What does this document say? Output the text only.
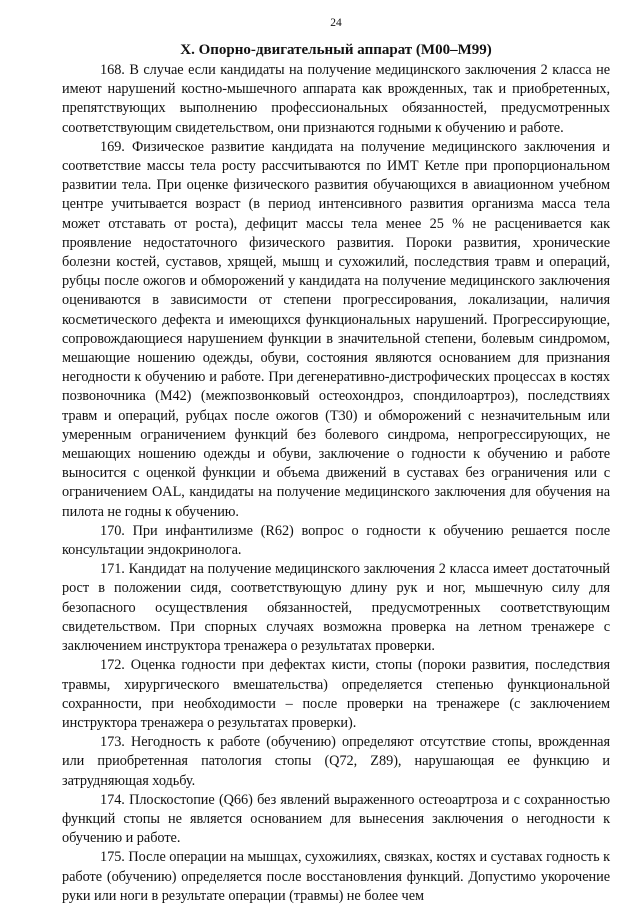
24
X. Опорно-двигательный аппарат (M00–M99)

168. В случае если кандидаты на получение медицинского заключения 2 класса не имеют нарушений костно-мышечного аппарата как врожденных, так и приобретенных, препятствующих выполнению профессиональных обязанностей, предусмотренных соответствующим свидетельством, они признаются годными к обучению и работе.

169. Физическое развитие кандидата на получение медицинского заключения и соответствие массы тела росту рассчитываются по ИМТ Кетле при пропорциональном развитии тела. При оценке физического развития обучающихся в авиационном учебном центре учитывается возраст (в период интенсивного развития организма масса тела может отставать от роста), дефицит массы тела менее 25 % не расценивается как проявление недостаточного физического развития. Пороки развития, хронические болезни костей, суставов, хрящей, мышц и сухожилий, последствия травм и операций, рубцы после ожогов и обморожений у кандидата на получение медицинского заключения оцениваются в зависимости от степени прогрессирования, локализации, наличия косметического дефекта и имеющихся функциональных нарушений. Прогрессирующие, сопровождающиеся нарушением функции в значительной степени, болевым синдромом, мешающие ношению одежды, обуви, состояния являются основанием для признания негодности к обучению и работе. При дегенеративно-дистрофических процессах в костях позвоночника (M42) (межпозвонковый остеохондроз, спондилоартроз), последствиях травм и операций, рубцах после ожогов (T30) и обморожений с незначительным или умеренным ограничением функций без болевого синдрома, непрогрессирующих, не мешающих ношению одежды и обуви, заключение о годности к обучению и работе выносится с оценкой функции и объема движений в суставах без ограничения или с ограничением OAL, кандидаты на получение медицинского заключения для обучения на пилота не годны к обучению.

170. При инфантилизме (R62) вопрос о годности к обучению решается после консультации эндокринолога.

171. Кандидат на получение медицинского заключения 2 класса имеет достаточный рост в положении сидя, соответствующую длину рук и ног, мышечную силу для безопасного осуществления обязанностей, предусмотренных соответствующим свидетельством. При спорных случаях возможна проверка на летном тренажере с заключением инструктора тренажера о результатах проверки.

172. Оценка годности при дефектах кисти, стопы (пороки развития, последствия травмы, хирургического вмешательства) определяется степенью функциональной сохранности, при необходимости – после проверки на тренажере (с заключением инструктора тренажера о результатах проверки).

173. Негодность к работе (обучению) определяют отсутствие стопы, врожденная или приобретенная патология стопы (Q72, Z89), нарушающая ее функцию и затрудняющая ходьбу.

174. Плоскостопие (Q66) без явлений выраженного остеоартроза и с сохранностью функций стопы не является основанием для вынесения заключения о негодности к обучению и работе.

175. После операции на мышцах, сухожилиях, связках, костях и суставах годность к работе (обучению) определяется после восстановления функций. Допустимо укорочение руки или ноги в результате операции (травмы) не более чем
